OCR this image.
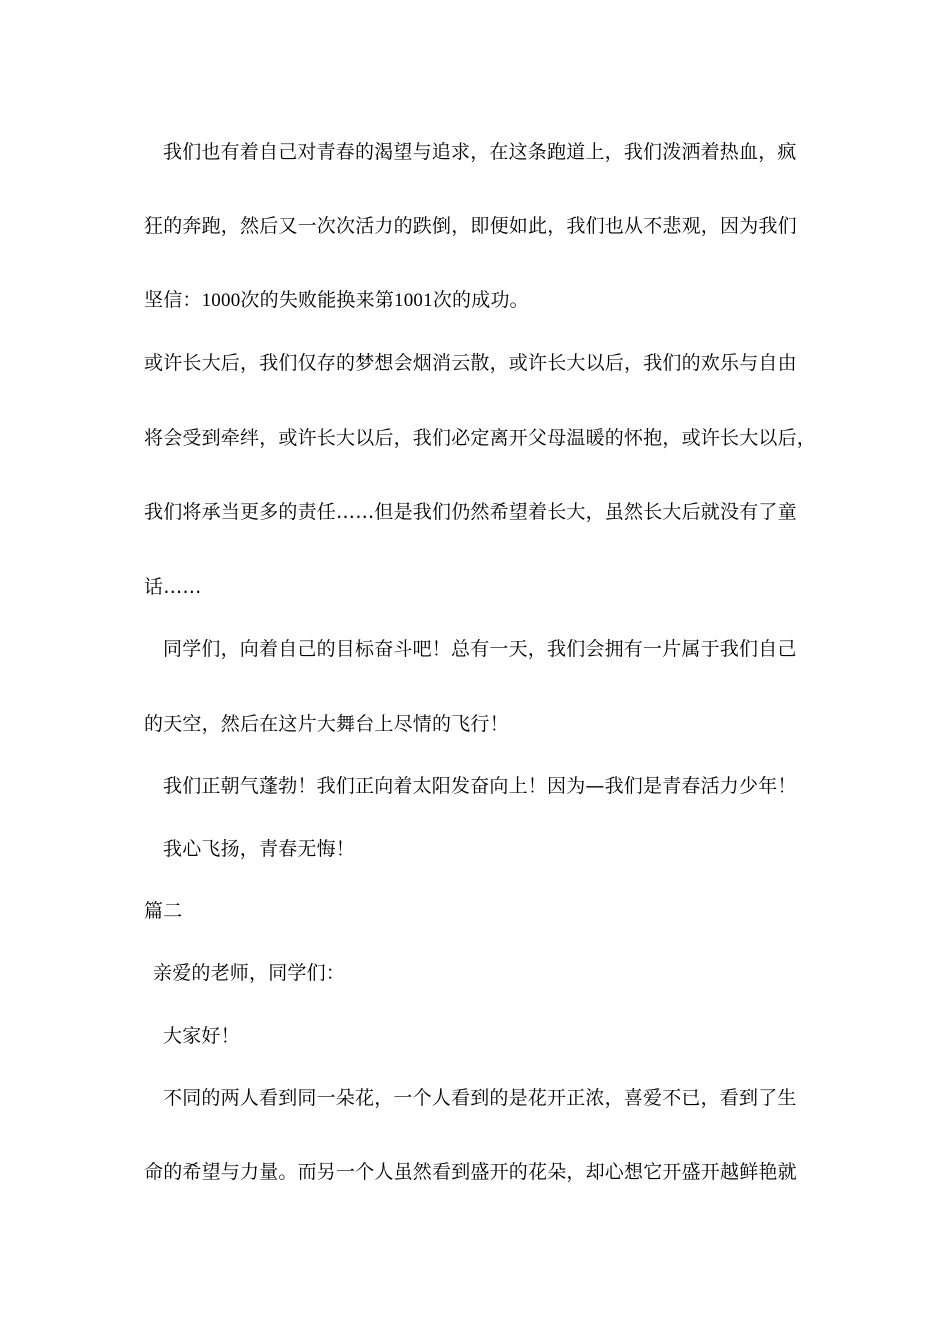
我们也有着自己对青春的渴望与追求，在这条跑道上，我们泼洒着热血，疯
狂的奔跑，然后又一次次活力的跌倒，即便如此，我们也从不悲观，因为我们
坚信：1000次的失败能换来第1001次的成功。
或许长大后，我们仅存的梦想会烟消云散，或许长大以后，我们的欢乐与自由
将会受到牵绊，或许长大以后，我们必定离开父母温暖的怀抱，或许长大以后，
我们将承当更多的责任……但是我们仍然希望着长大，虽然长大后就没有了童
话……
同学们，向着自己的目标奋斗吧！总有一天，我们会拥有一片属于我们自己
的天空，然后在这片大舞台上尽情的飞行！
我们正朝气蓬勃！我们正向着太阳发奋向上！因为—我们是青春活力少年！
我心飞扬，青春无悔！
篇二
亲爱的老师，同学们：
大家好！
不同的两人看到同一朵花，一个人看到的是花开正浓，喜爱不已，看到了生
命的希望与力量。而另一个人虽然看到盛开的花朵，却心想它开盛开越鲜艳就
